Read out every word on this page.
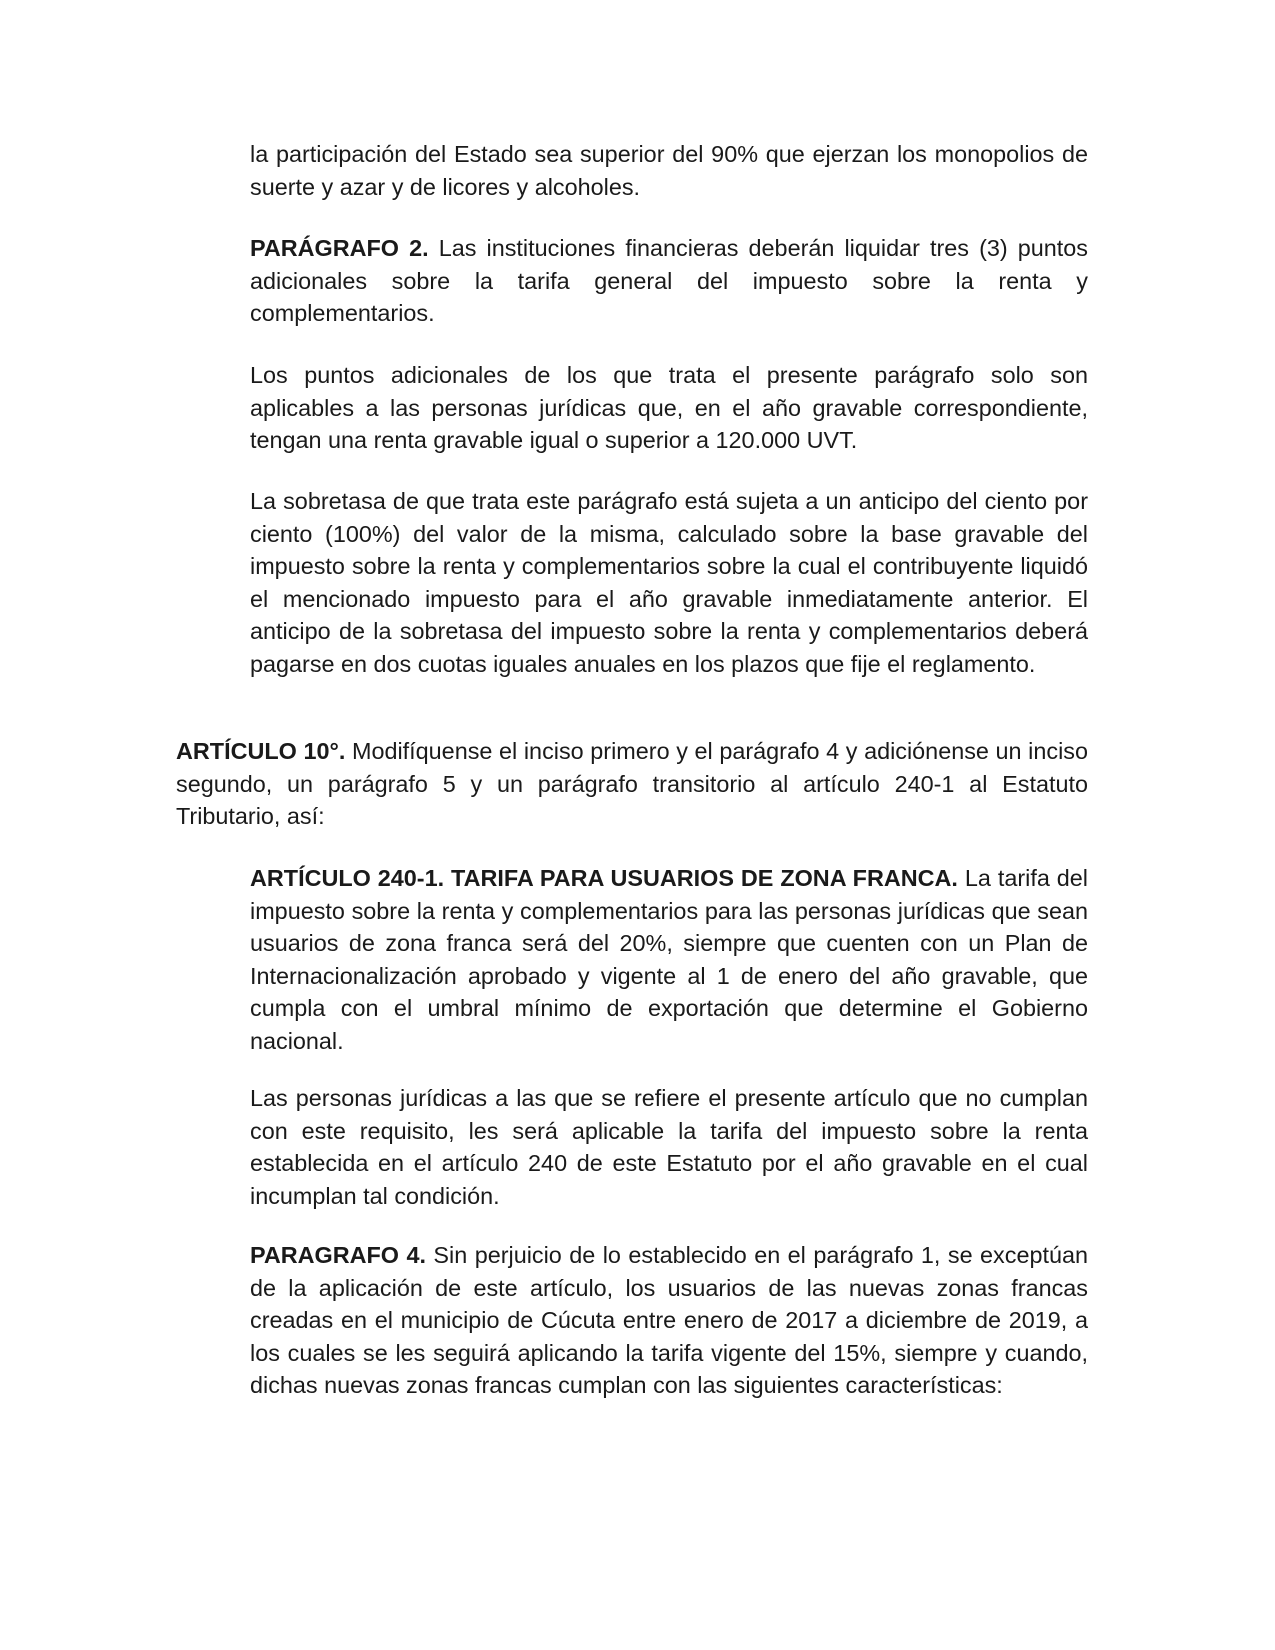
la participación del Estado sea superior del 90% que ejerzan los monopolios de suerte y azar y de licores y alcoholes.

PARÁGRAFO 2. Las instituciones financieras deberán liquidar tres (3) puntos adicionales sobre la tarifa general del impuesto sobre la renta y complementarios.

Los puntos adicionales de los que trata el presente parágrafo solo son aplicables a las personas jurídicas que, en el año gravable correspondiente, tengan una renta gravable igual o superior a 120.000 UVT.

La sobretasa de que trata este parágrafo está sujeta a un anticipo del ciento por ciento (100%) del valor de la misma, calculado sobre la base gravable del impuesto sobre la renta y complementarios sobre la cual el contribuyente liquidó el mencionado impuesto para el año gravable inmediatamente anterior. El anticipo de la sobretasa del impuesto sobre la renta y complementarios deberá pagarse en dos cuotas iguales anuales en los plazos que fije el reglamento.

ARTÍCULO 10°. Modifíquense el inciso primero y el parágrafo 4 y adiciónense un inciso segundo, un parágrafo 5 y un parágrafo transitorio al artículo 240-1 al Estatuto Tributario, así:

ARTÍCULO 240-1. TARIFA PARA USUARIOS DE ZONA FRANCA. La tarifa del impuesto sobre la renta y complementarios para las personas jurídicas que sean usuarios de zona franca será del 20%, siempre que cuenten con un Plan de Internacionalización aprobado y vigente al 1 de enero del año gravable, que cumpla con el umbral mínimo de exportación que determine el Gobierno nacional.

Las personas jurídicas a las que se refiere el presente artículo que no cumplan con este requisito, les será aplicable la tarifa del impuesto sobre la renta establecida en el artículo 240 de este Estatuto por el año gravable en el cual incumplan tal condición.

PARAGRAFO 4. Sin perjuicio de lo establecido en el parágrafo 1, se exceptúan de la aplicación de este artículo, los usuarios de las nuevas zonas francas creadas en el municipio de Cúcuta entre enero de 2017 a diciembre de 2019, a los cuales se les seguirá aplicando la tarifa vigente del 15%, siempre y cuando, dichas nuevas zonas francas cumplan con las siguientes características:
